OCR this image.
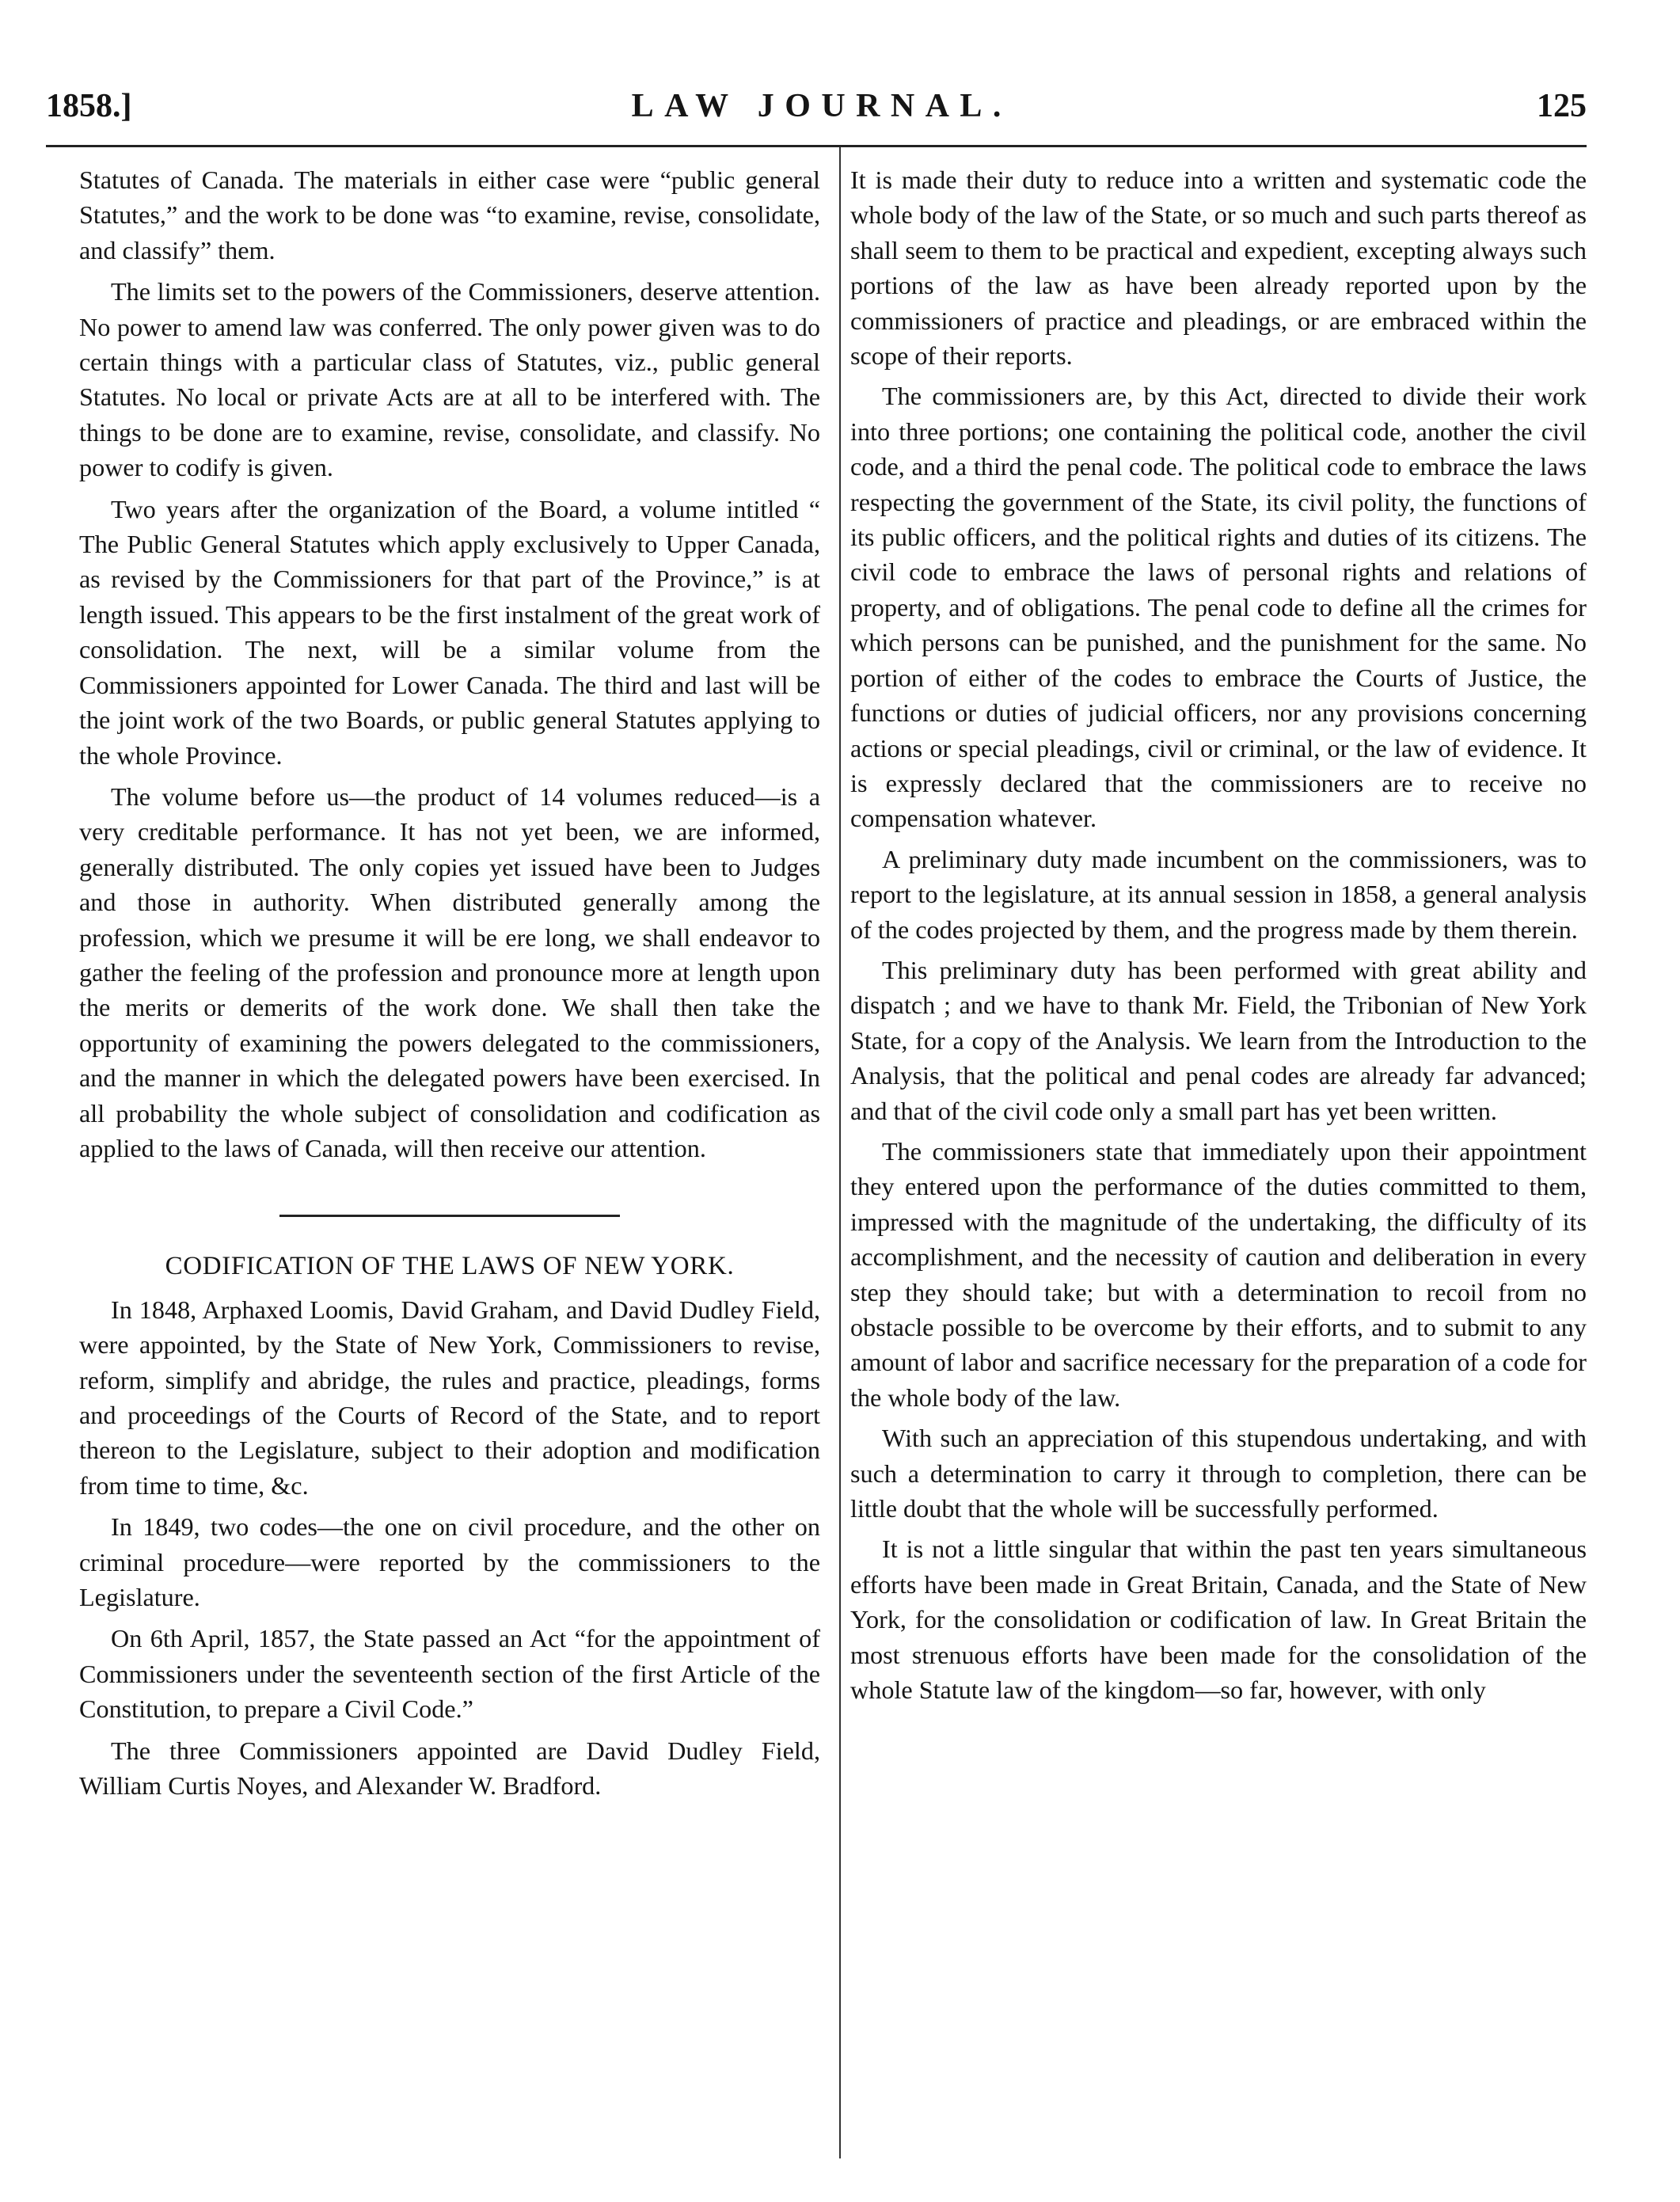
1858.]	LAW JOURNAL.	125

Statutes of Canada. The materials in either case were “public general Statutes,” and the work to be done was “to examine, revise, consolidate, and classify” them.

The limits set to the powers of the Commissioners, deserve attention. No power to amend law was conferred. The only power given was to do certain things with a particular class of Statutes, viz., public general Statutes. No local or private Acts are at all to be interfered with. The things to be done are to examine, revise, consolidate, and classify. No power to codify is given.

Two years after the organization of the Board, a volume intitled “ The Public General Statutes which apply exclusively to Upper Canada, as revised by the Commissioners for that part of the Province,” is at length issued. This appears to be the first instalment of the great work of consolidation. The next, will be a similar volume from the Commissioners appointed for Lower Canada. The third and last will be the joint work of the two Boards, or public general Statutes applying to the whole Province.

The volume before us—the product of 14 volumes reduced—is a very creditable performance. It has not yet been, we are informed, generally distributed. The only copies yet issued have been to Judges and those in authority. When distributed generally among the profession, which we presume it will be ere long, we shall endeavor to gather the feeling of the profession and pronounce more at length upon the merits or demerits of the work done. We shall then take the opportunity of examining the powers delegated to the commissioners, and the manner in which the delegated powers have been exercised. In all probability the whole subject of consolidation and codification as applied to the laws of Canada, will then receive our attention.

CODIFICATION OF THE LAWS OF NEW YORK.

In 1848, Arphaxed Loomis, David Graham, and David Dudley Field, were appointed, by the State of New York, Commissioners to revise, reform, simplify and abridge, the rules and practice, pleadings, forms and proceedings of the Courts of Record of the State, and to report thereon to the Legislature, subject to their adoption and modification from time to time, &c.

In 1849, two codes—the one on civil procedure, and the other on criminal procedure—were reported by the commissioners to the Legislature.

On 6th April, 1857, the State passed an Act “for the appointment of Commissioners under the seventeenth section of the first Article of the Constitution, to prepare a Civil Code.”

The three Commissioners appointed are David Dudley Field, William Curtis Noyes, and Alexander W. Bradford.

It is made their duty to reduce into a written and systematic code the whole body of the law of the State, or so much and such parts thereof as shall seem to them to be practical and expedient, excepting always such portions of the law as have been already reported upon by the commissioners of practice and pleadings, or are embraced within the scope of their reports.

The commissioners are, by this Act, directed to divide their work into three portions; one containing the political code, another the civil code, and a third the penal code. The political code to embrace the laws respecting the government of the State, its civil polity, the functions of its public officers, and the political rights and duties of its citizens. The civil code to embrace the laws of personal rights and relations of property, and of obligations. The penal code to define all the crimes for which persons can be punished, and the punishment for the same. No portion of either of the codes to embrace the Courts of Justice, the functions or duties of judicial officers, nor any provisions concerning actions or special pleadings, civil or criminal, or the law of evidence. It is expressly declared that the commissioners are to receive no compensation whatever.

A preliminary duty made incumbent on the commissioners, was to report to the legislature, at its annual session in 1858, a general analysis of the codes projected by them, and the progress made by them therein.

This preliminary duty has been performed with great ability and dispatch ; and we have to thank Mr. Field, the Tribonian of New York State, for a copy of the Analysis. We learn from the Introduction to the Analysis, that the political and penal codes are already far advanced; and that of the civil code only a small part has yet been written.

The commissioners state that immediately upon their appointment they entered upon the performance of the duties committed to them, impressed with the magnitude of the undertaking, the difficulty of its accomplishment, and the necessity of caution and deliberation in every step they should take; but with a determination to recoil from no obstacle possible to be overcome by their efforts, and to submit to any amount of labor and sacrifice necessary for the preparation of a code for the whole body of the law.

With such an appreciation of this stupendous undertaking, and with such a determination to carry it through to completion, there can be little doubt that the whole will be successfully performed.

It is not a little singular that within the past ten years simultaneous efforts have been made in Great Britain, Canada, and the State of New York, for the consolidation or codification of law. In Great Britain the most strenuous efforts have been made for the consolidation of the whole Statute law of the kingdom—so far, however, with only
